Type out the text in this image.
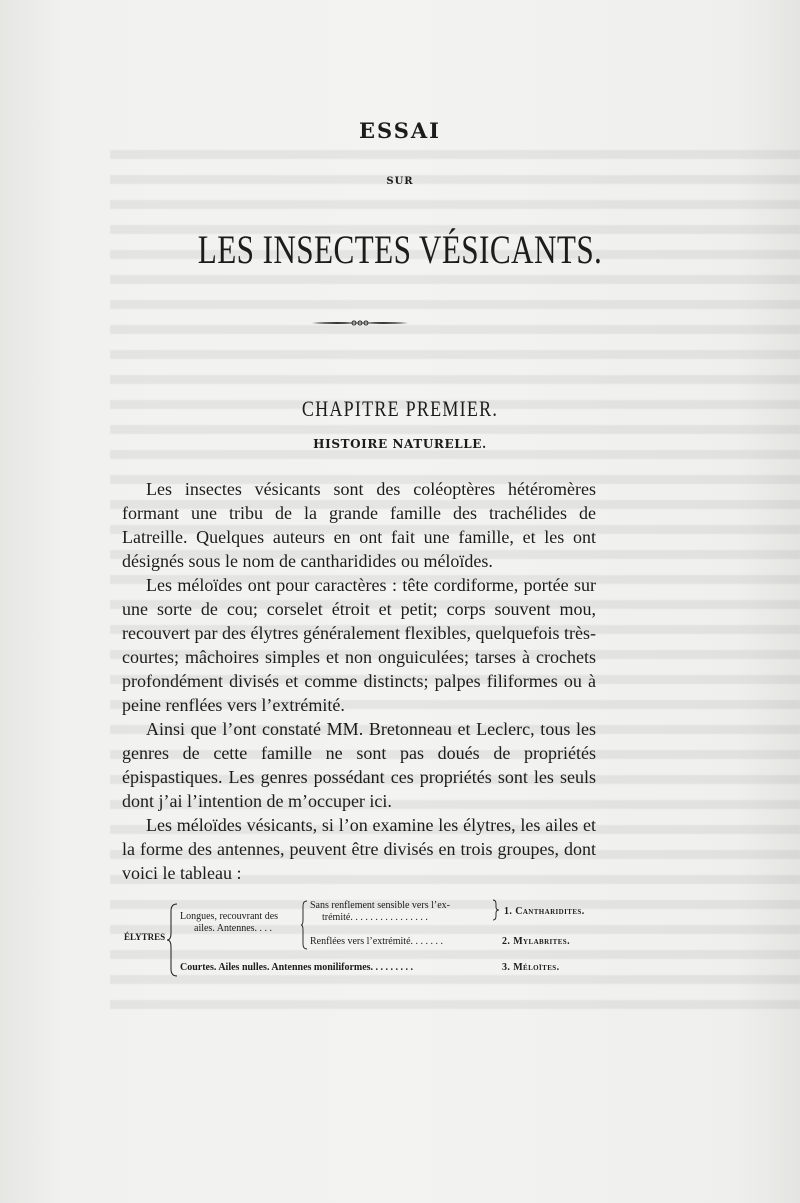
ESSAI
SUR
LES INSECTES VÉSICANTS.
CHAPITRE PREMIER.
HISTOIRE NATURELLE.

Les insectes vésicants sont des coléoptères hétéromères formant une tribu de la grande famille des trachélides de Latreille. Quelques auteurs en ont fait une famille, et les ont désignés sous le nom de cantharidides ou méloïdes.

Les méloïdes ont pour caractères : tête cordiforme, portée sur une sorte de cou; corselet étroit et petit; corps souvent mou, recouvert par des élytres généralement flexibles, quelquefois très-courtes; mâchoires simples et non onguiculées; tarses à crochets profondément divisés et comme distincts; palpes filiformes ou à peine renflées vers l’extrémité.

Ainsi que l’ont constaté MM. Bretonneau et Leclerc, tous les genres de cette famille ne sont pas doués de propriétés épispastiques. Les genres possédant ces propriétés sont les seuls dont j’ai l’intention de m’occuper ici.

Les méloïdes vésicants, si l’on examine les élytres, les ailes et la forme des antennes, peuvent être divisés en trois groupes, dont voici le tableau :

ÉLYTRES
Longues, recouvrant des
ailes. Antennes. . . .
Sans renflement sensible vers l’ex-
trémité. . . . . . . . . . . . . . . .
Renflées vers l’extrémité. . . . . . .
Courtes. Ailes nulles. Antennes moniliformes. . . . . . . . .
1. Cantharidites.
2. Mylabrites.
3. Méloïtes.
